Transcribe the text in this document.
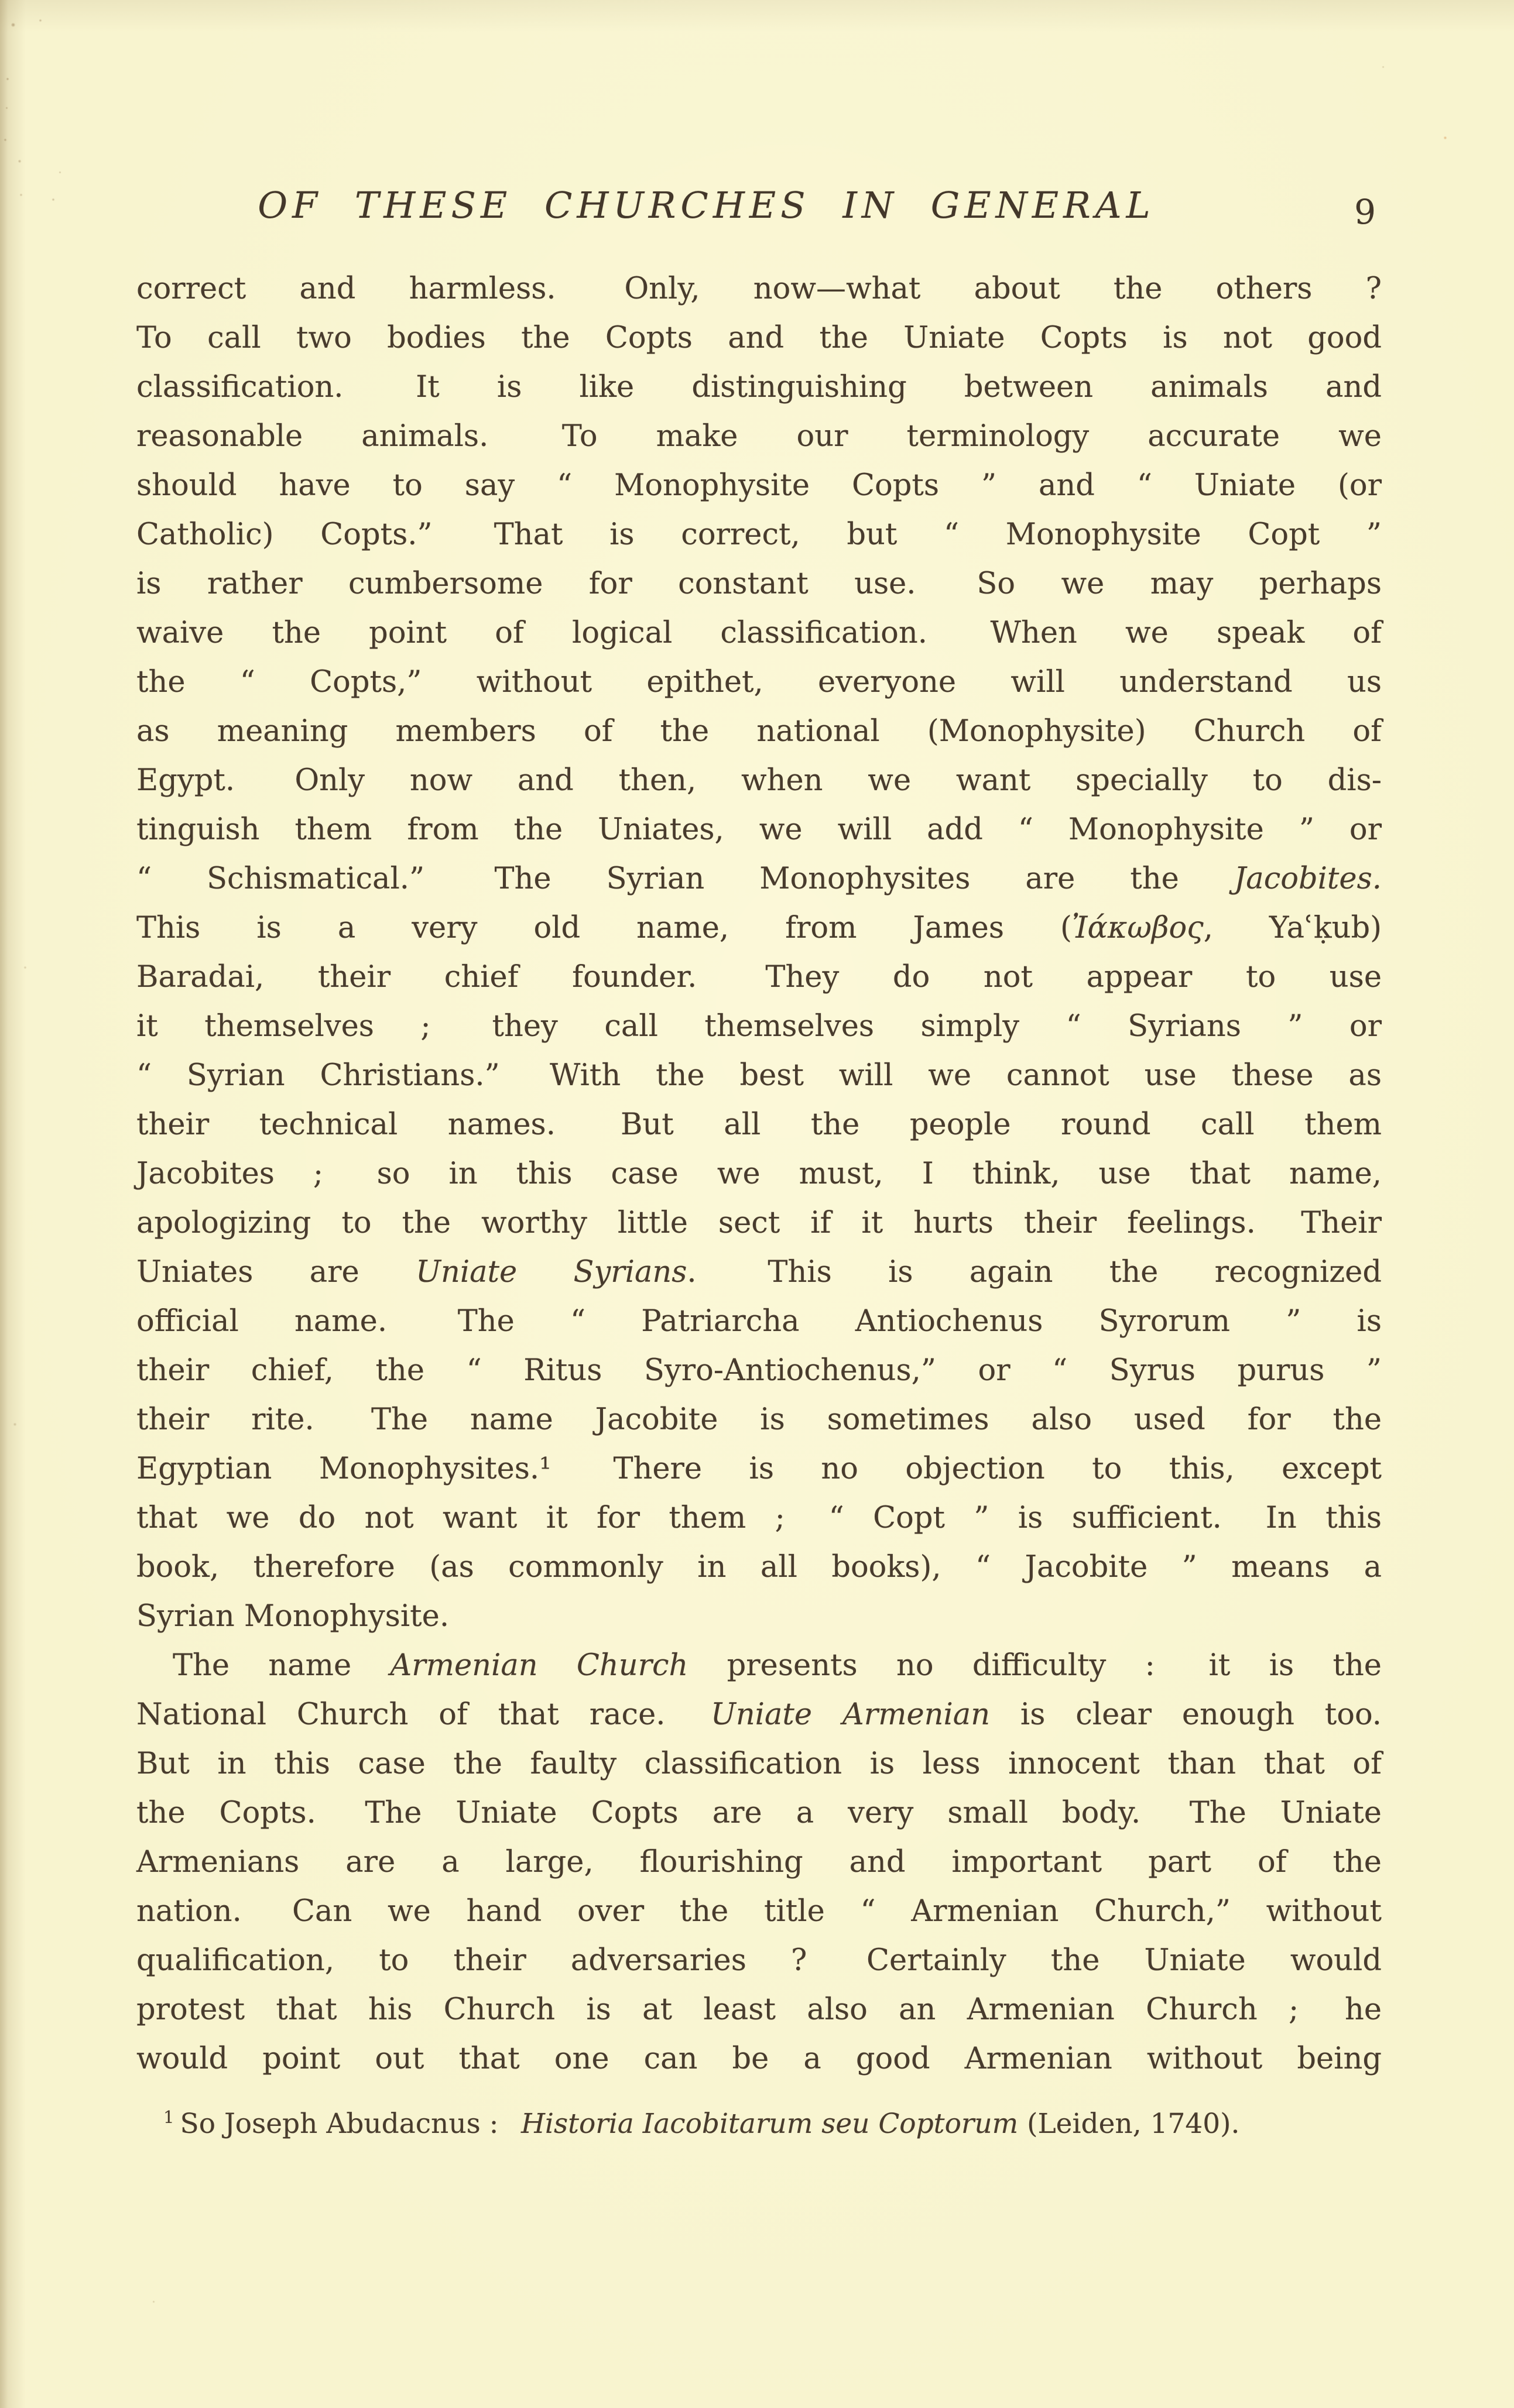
OF THESE CHURCHES IN GENERAL	9
correct and harmless.  Only, now—what about the others ?
To call two bodies the Copts and the Uniate Copts is not good
classification.  It is like distinguishing between animals and
reasonable animals.  To make our terminology accurate we
should have to say “ Monophysite Copts ” and “ Uniate (or
Catholic) Copts.”  That is correct, but “ Monophysite Copt ”
is rather cumbersome for constant use.  So we may perhaps
waive the point of logical classification.  When we speak of
the “ Copts,” without epithet, everyone will understand us
as meaning members of the national (Monophysite) Church of
Egypt.  Only now and then, when we want specially to dis-
tinguish them from the Uniates, we will add “ Monophysite ” or
“ Schismatical.”  The Syrian Monophysites are the Jacobites.
This is a very old name, from James (Ἰάκωβος, Yaʿḳub)
Baradai, their chief founder.  They do not appear to use
it themselves ;  they call themselves simply “ Syrians ” or
“ Syrian Christians.”  With the best will we cannot use these as
their technical names.  But all the people round call them
Jacobites ;  so in this case we must, I think, use that name,
apologizing to the worthy little sect if it hurts their feelings.  Their
Uniates are Uniate Syrians.  This is again the recognized
official name.  The “ Patriarcha Antiochenus Syrorum ” is
their chief, the “ Ritus Syro-Antiochenus,” or “ Syrus purus ”
their rite.  The name Jacobite is sometimes also used for the
Egyptian Monophysites.¹  There is no objection to this, except
that we do not want it for them ;  “ Copt ” is sufficient.  In this
book, therefore (as commonly in all books), “ Jacobite ” means a
Syrian Monophysite.
The name Armenian Church presents no difficulty :  it is the
National Church of that race.  Uniate Armenian is clear enough too.
But in this case the faulty classification is less innocent than that of
the Copts.  The Uniate Copts are a very small body.  The Uniate
Armenians are a large, flourishing and important part of the
nation.  Can we hand over the title “ Armenian Church,” without
qualification, to their adversaries ?  Certainly the Uniate would
protest that his Church is at least also an Armenian Church ;  he
would point out that one can be a good Armenian without being
$^1$ So Joseph Abudacnus :  Historia Iacobitarum seu Coptorum (Leiden, 1740).
